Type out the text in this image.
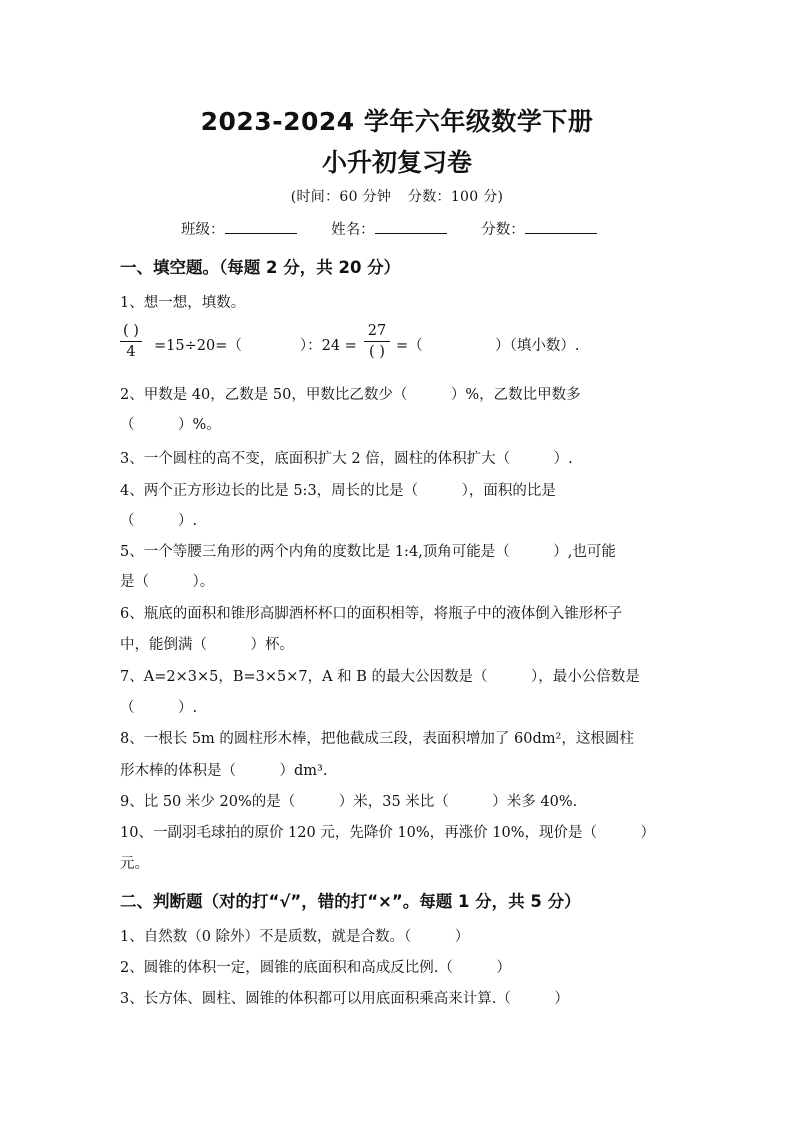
2023-2024 学年六年级数学下册
小升初复习卷
(时间：60 分钟 分数：100 分)
班级：	姓名：	分数：
一、填空题。（每题 2 分，共 20 分）
1、想一想，填数。
( )
4	=15÷20=（　　　　）：24 =
27
( ) =（　　　　　）（填小数）.
2、甲数是 40，乙数是 50，甲数比乙数少（　　　）%，乙数比甲数多
（　　　）%。
3、一个圆柱的高不变，底面积扩大 2 倍，圆柱的体积扩大（　　　）.
4、两个正方形边长的比是 5:3，周长的比是（　　　），面积的比是
（　　　）.
5、一个等腰三角形的两个内角的度数比是 1:4,顶角可能是（　　　）,也可能
是（　　　）。
6、瓶底的面积和锥形高脚酒杯杯口的面积相等，将瓶子中的液体倒入锥形杯子
中，能倒满（　　　）杯。
7、A=2×3×5，B=3×5×7，A 和 B 的最大公因数是（　　　），最小公倍数是
（　　　）.
8、一根长 5m 的圆柱形木棒，把他截成三段，表面积增加了 60dm²，这根圆柱
形木棒的体积是（　　　）dm³.
9、比 50 米少 20%的是（　　　）米，35 米比（　　　）米多 40%.
10、一副羽毛球拍的原价 120 元，先降价 10%，再涨价 10%，现价是（　　　）
元。
二、判断题（对的打“√”，错的打“×”。每题 1 分，共 5 分）
1、自然数（0 除外）不是质数，就是合数。（　　　）
2、圆锥的体积一定，圆锥的底面积和高成反比例.（　　　）
3、长方体、圆柱、圆锥的体积都可以用底面积乘高来计算.（　　　）
